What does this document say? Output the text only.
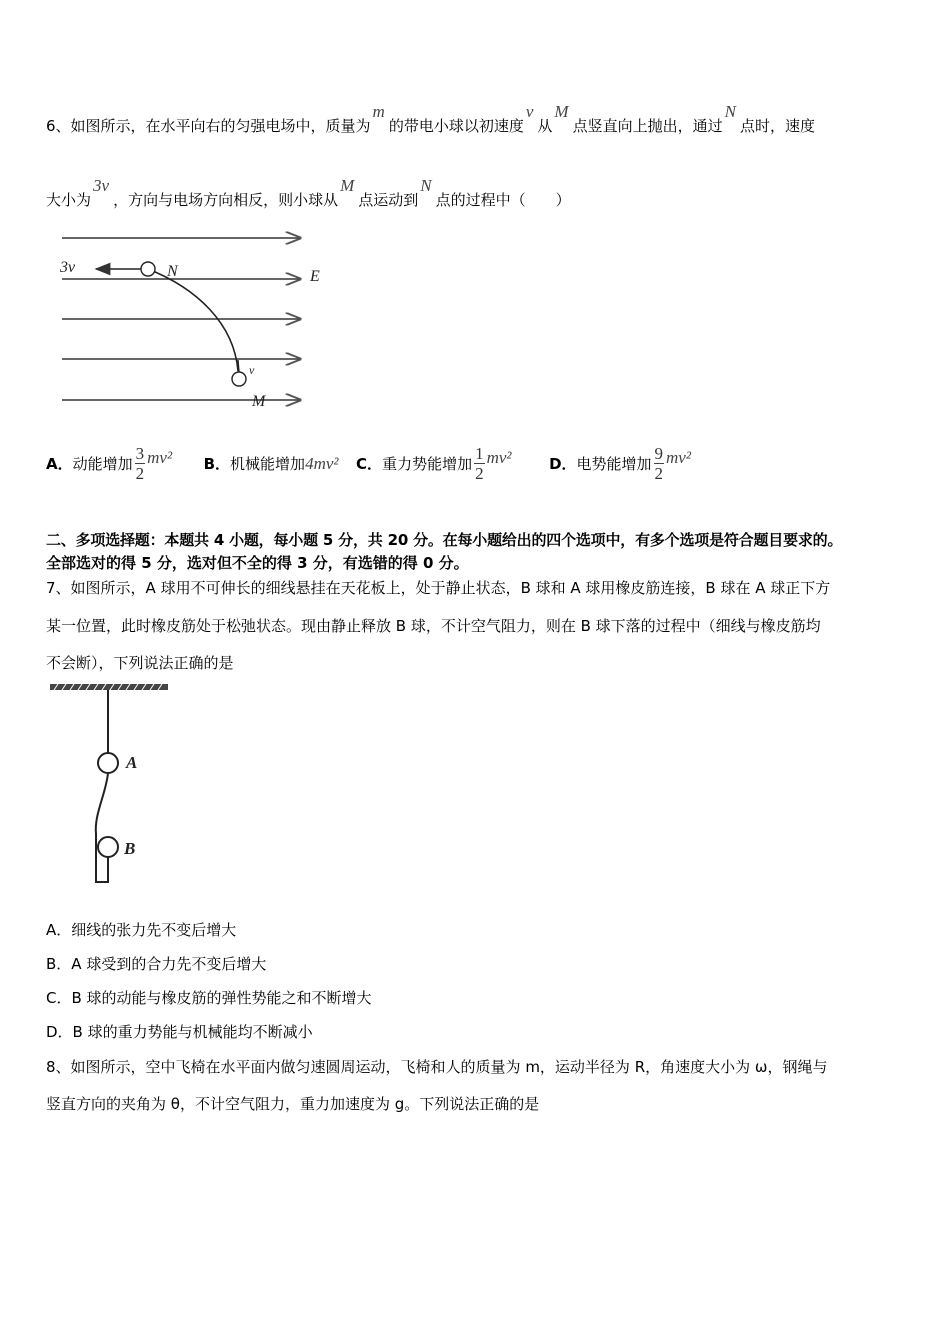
6、如图所示，在水平向右的匀强电场中，质量为m的带电小球以初速度v从M点竖直向上抛出，通过N点时，速度
大小为3v，方向与电场方向相反，则小球从M点运动到N点的过程中（　　）
3v	N	E
v
M
A．动能增加 $\frac{3}{2} mv^2$ B．机械能增加4mv² C．重力势能增加 $\frac{1}{2} mv^2$	D．电势能增加 $\frac{9}{2} mv^2$
二、多项选择题：本题共 4 小题，每小题 5 分，共 20 分。在每小题给出的四个选项中，有多个选项是符合题目要求的。
全部选对的得 5 分，选对但不全的得 3 分，有选错的得 0 分。
7、如图所示，A 球用不可伸长的细线悬挂在天花板上，处于静止状态，B 球和 A 球用橡皮筋连接，B 球在 A 球正下方
某一位置，此时橡皮筋处于松弛状态。现由静止释放 B 球，不计空气阻力，则在 B 球下落的过程中（细线与橡皮筋均
不会断），下列说法正确的是
A
B
A．细线的张力先不变后增大
B．A 球受到的合力先不变后增大
C．B 球的动能与橡皮筋的弹性势能之和不断增大
D．B 球的重力势能与机械能均不断减小
8、如图所示，空中飞椅在水平面内做匀速圆周运动，飞椅和人的质量为 m，运动半径为 R，角速度大小为 ω，钢绳与
竖直方向的夹角为 θ，不计空气阻力，重力加速度为 g。下列说法正确的是
